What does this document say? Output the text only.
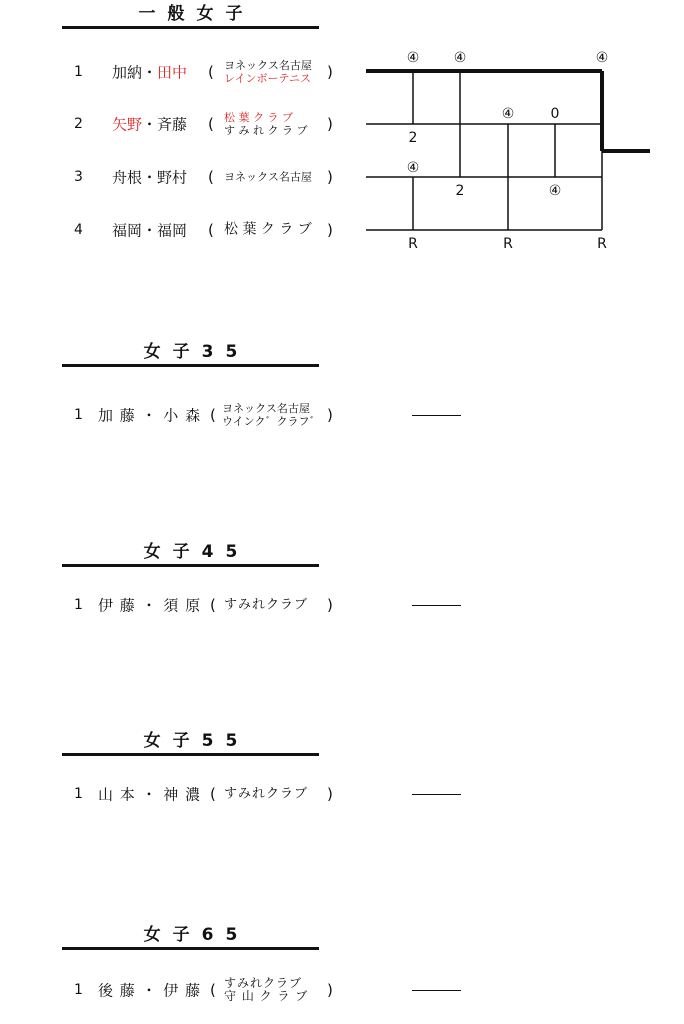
一般女子
1 加納・田中 ( ヨネックス名古屋
レインボーテニス )
2 矢野・斉藤 ( 松 葉 ク ラ ブ
す み れ ク ラ ブ )
3 舟根・野村 ( ヨネックス名古屋 )
4 福岡・福岡 ( 松 葉 ク ラ ブ )
④ ④	④
④	0
2
④
2	④
R	R	R
女子35
1 加 藤 ・ 小 森 ( ヨネックス名古屋
ウインク゛クラフ゛ )
女子45
1 伊 藤 ・ 須 原 ( すみれクラブ )
女子55
1 山 本 ・ 神 濃 ( すみれクラブ )
女子65
1 後 藤 ・ 伊 藤 ( すみれクラブ
守 山 ク ラ ブ )
